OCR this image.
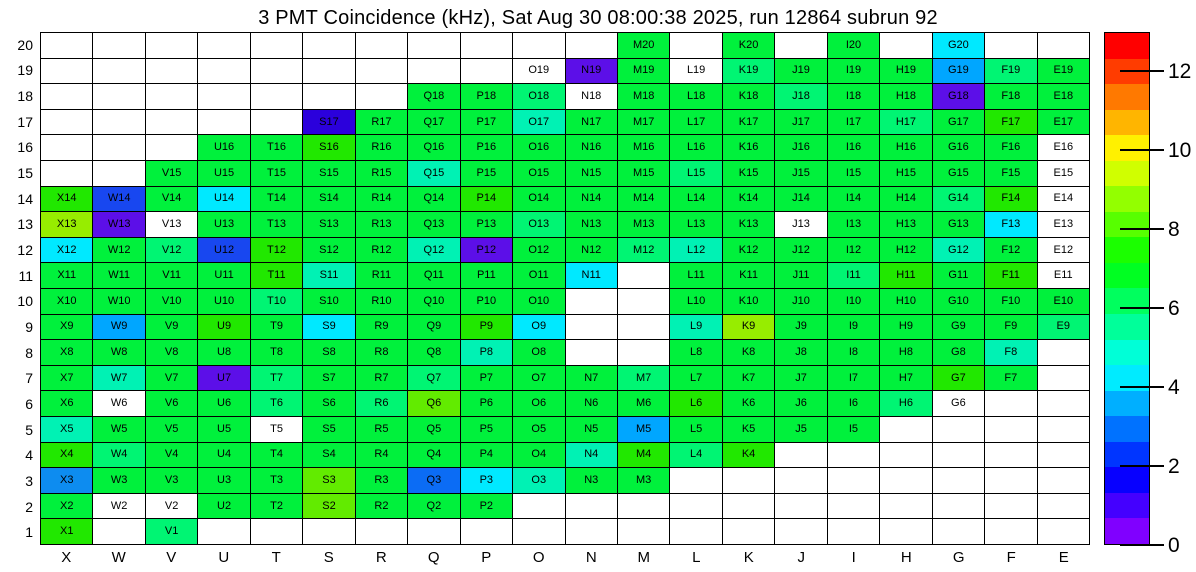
3 PMT Coincidence (kHz), Sat Aug 30 08:00:38 2025, run 12864 subrun 92
20
19
18
17
16
15
14
13
12
11
10
9
8
7
6
5
4
3
2
1
M20	K20	I20	G20
O19	N19	M19	L19	K19	J19	I19	H19	G19	F19	E19
Q18	P18	O18	N18	M18	L18	K18	J18	I18	H18	G18	F18	E18
S17	R17	Q17	P17	O17	N17	M17	L17	K17	J17	I17	H17	G17	F17	E17
U16	T16	S16	R16	Q16	P16	O16	N16	M16	L16	K16	J16	I16	H16	G16	F16	E16
V15	U15	T15	S15	R15	Q15	P15	O15	N15	M15	L15	K15	J15	I15	H15	G15	F15	E15
X14	W14	V14	U14	T14	S14	R14	Q14	P14	O14	N14	M14	L14	K14	J14	I14	H14	G14	F14	E14
X13	W13	V13	U13	T13	S13	R13	Q13	P13	O13	N13	M13	L13	K13	J13	I13	H13	G13	F13	E13
X12	W12	V12	U12	T12	S12	R12	Q12	P12	O12	N12	M12	L12	K12	J12	I12	H12	G12	F12	E12
X11	W11	V11	U11	T11	S11	R11	Q11	P11	O11	N11	L11	K11	J11	I11	H11	G11	F11	E11
X10	W10	V10	U10	T10	S10	R10	Q10	P10	O10	L10	K10	J10	I10	H10	G10	F10	E10
X9	W9	V9	U9	T9	S9	R9	Q9	P9	O9	L9	K9	J9	I9	H9	G9	F9	E9
X8	W8	V8	U8	T8	S8	R8	Q8	P8	O8	L8	K8	J8	I8	H8	G8	F8
X7	W7	V7	U7	T7	S7	R7	Q7	P7	O7	N7	M7	L7	K7	J7	I7	H7	G7	F7
X6	W6	V6	U6	T6	S6	R6	Q6	P6	O6	N6	M6	L6	K6	J6	I6	H6	G6
X5	W5	V5	U5	T5	S5	R5	Q5	P5	O5	N5	M5	L5	K5	J5	I5
X4	W4	V4	U4	T4	S4	R4	Q4	P4	O4	N4	M4	L4	K4
X3	W3	V3	U3	T3	S3	R3	Q3	P3	O3	N3	M3
X2	W2	V2	U2	T2	S2	R2	Q2	P2
X1	V1
X	W	V	U	T	S	R	Q	P	O	N	M	L	K	J	I	H	G	F	E
0
2
4
6
8
10
12
